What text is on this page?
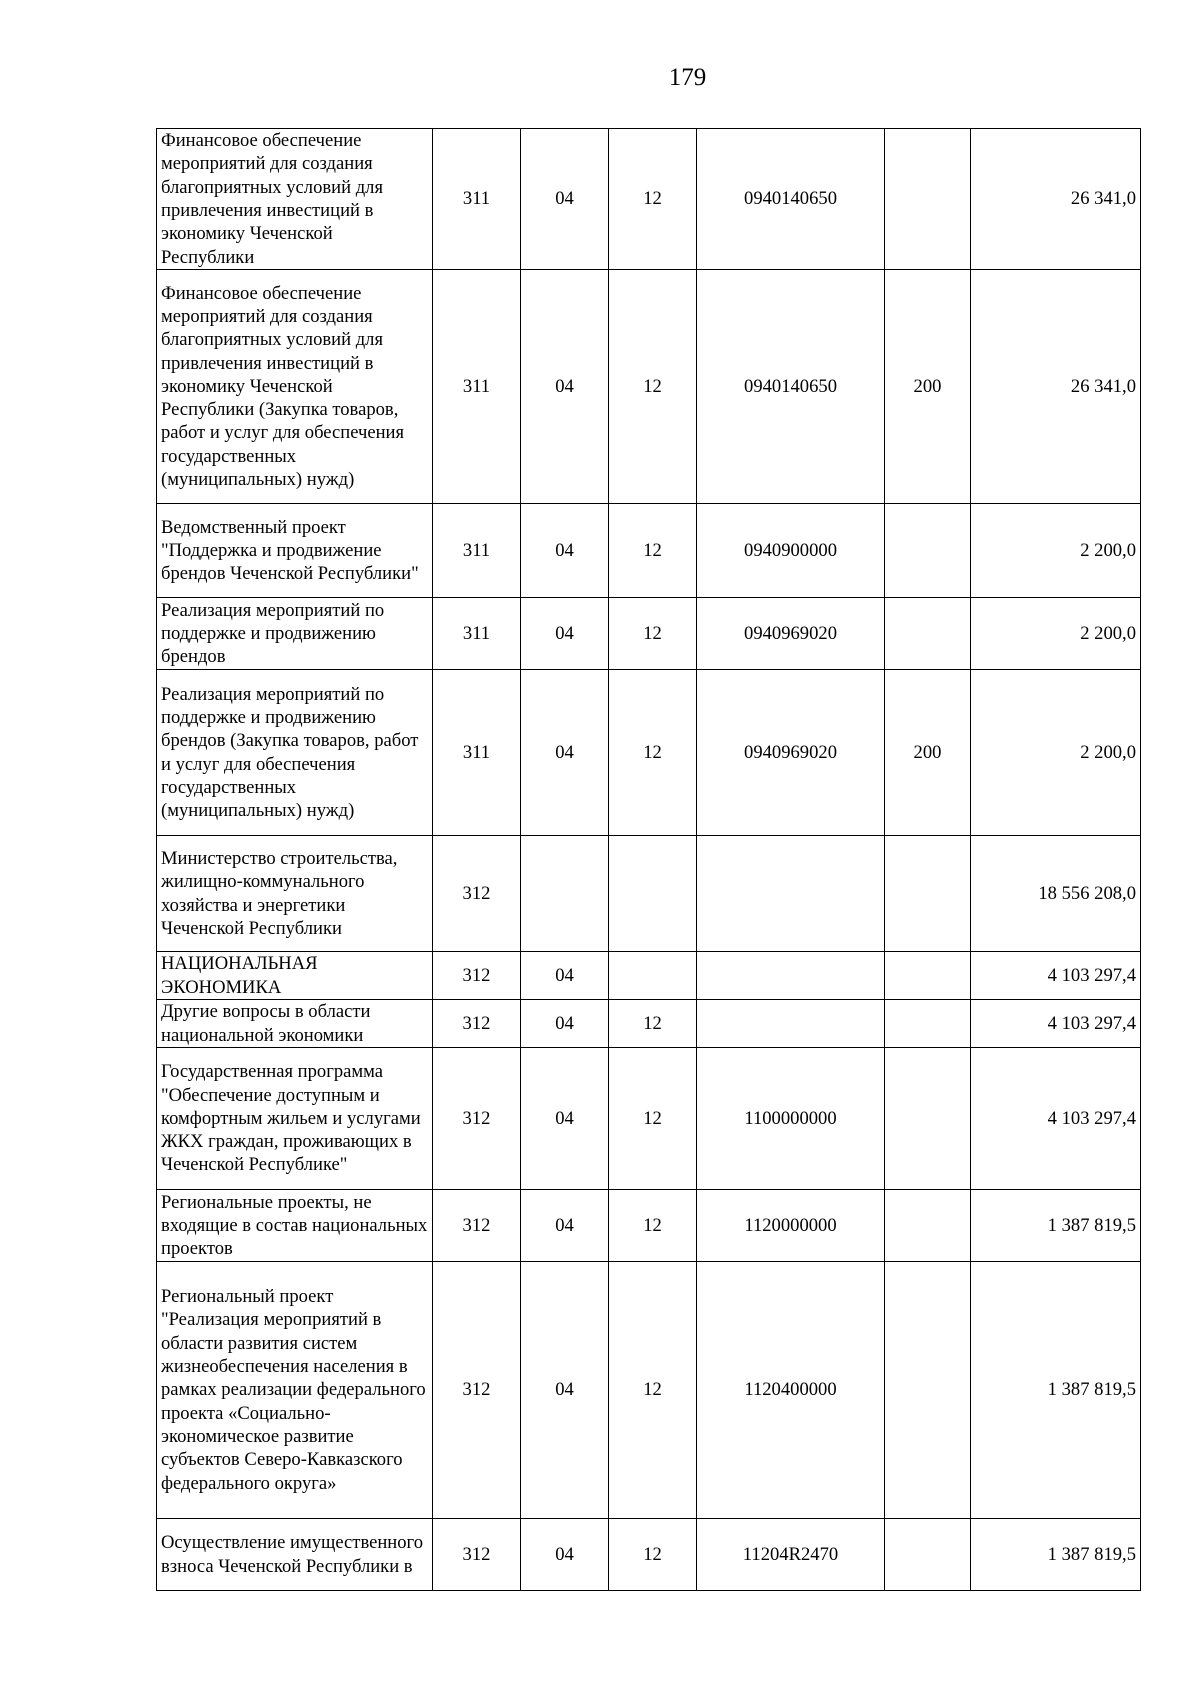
179
Финансовое обеспечение мероприятий для создания благоприятных условий для привлечения инвестиций в экономику Чеченской Республики	311	04	12	0940140650		26 341,0
Финансовое обеспечение мероприятий для создания благоприятных условий для привлечения инвестиций в экономику Чеченской Республики (Закупка товаров, работ и услуг для обеспечения государственных (муниципальных) нужд)	311	04	12	0940140650	200	26 341,0
Ведомственный проект "Поддержка и продвижение брендов Чеченской Республики"	311	04	12	0940900000		2 200,0
Реализация мероприятий по поддержке и продвижению брендов	311	04	12	0940969020		2 200,0
Реализация мероприятий по поддержке и продвижению брендов (Закупка товаров, работ и услуг для обеспечения государственных (муниципальных) нужд)	311	04	12	0940969020	200	2 200,0
Министерство строительства, жилищно-коммунального хозяйства и энергетики Чеченской Республики	312					18 556 208,0
НАЦИОНАЛЬНАЯ ЭКОНОМИКА	312	04				4 103 297,4
Другие вопросы в области национальной экономики	312	04	12			4 103 297,4
Государственная программа "Обеспечение доступным и комфортным жильем и услугами ЖКХ граждан, проживающих в Чеченской Республике"	312	04	12	1100000000		4 103 297,4
Региональные проекты, не входящие в состав национальных проектов	312	04	12	1120000000		1 387 819,5
Региональный проект "Реализация мероприятий в области развития систем жизнеобеспечения населения в рамках реализации федерального проекта «Социально-экономическое развитие субъектов Северо-Кавказского федерального округа»	312	04	12	1120400000		1 387 819,5
Осуществление имущественного взноса Чеченской Республики в	312	04	12	11204R2470		1 387 819,5
